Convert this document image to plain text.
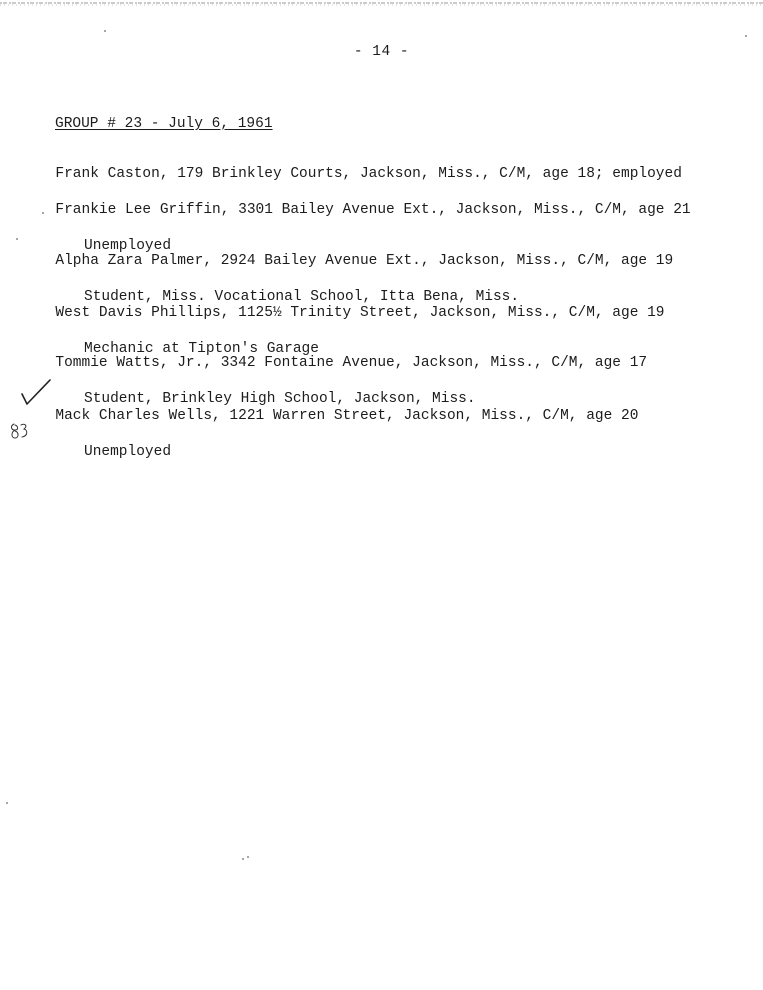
- 14 -
GROUP # 23 - July 6, 1961

Frank Caston, 179 Brinkley Courts, Jackson, Miss., C/M, age 18; employed

Frankie Lee Griffin, 3301 Bailey Avenue Ext., Jackson, Miss., C/M, age 21

Unemployed

Alpha Zara Palmer, 2924 Bailey Avenue Ext., Jackson, Miss., C/M, age 19

Student, Miss. Vocational School, Itta Bena, Miss.

West Davis Phillips, 1125½ Trinity Street, Jackson, Miss., C/M, age 19

Mechanic at Tipton's Garage

Tommie Watts, Jr., 3342 Fontaine Avenue, Jackson, Miss., C/M, age 17

Student, Brinkley High School, Jackson, Miss.

Mack Charles Wells, 1221 Warren Street, Jackson, Miss., C/M, age 20

Unemployed
